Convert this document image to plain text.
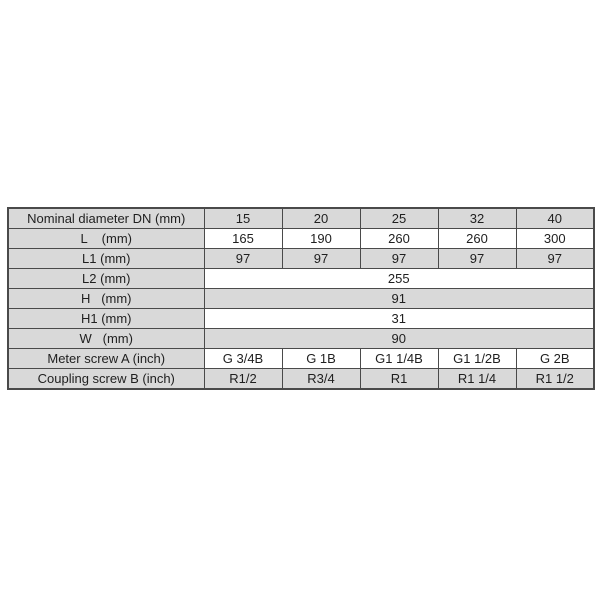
Nominal diameter DN (mm)	15	20	25	32	40
L    (mm)	165	190	260	260	300
L1 (mm)	97	97	97	97	97
L2 (mm)	255				
H   (mm)	91				
H1 (mm)	31				
W   (mm)	90				
Meter screw A (inch)	G 3/4B	G 1B	G1 1/4B	G1 1/2B	G 2B
Coupling screw B (inch)	R1/2	R3/4	R1	R1 1/4	R1 1/2
